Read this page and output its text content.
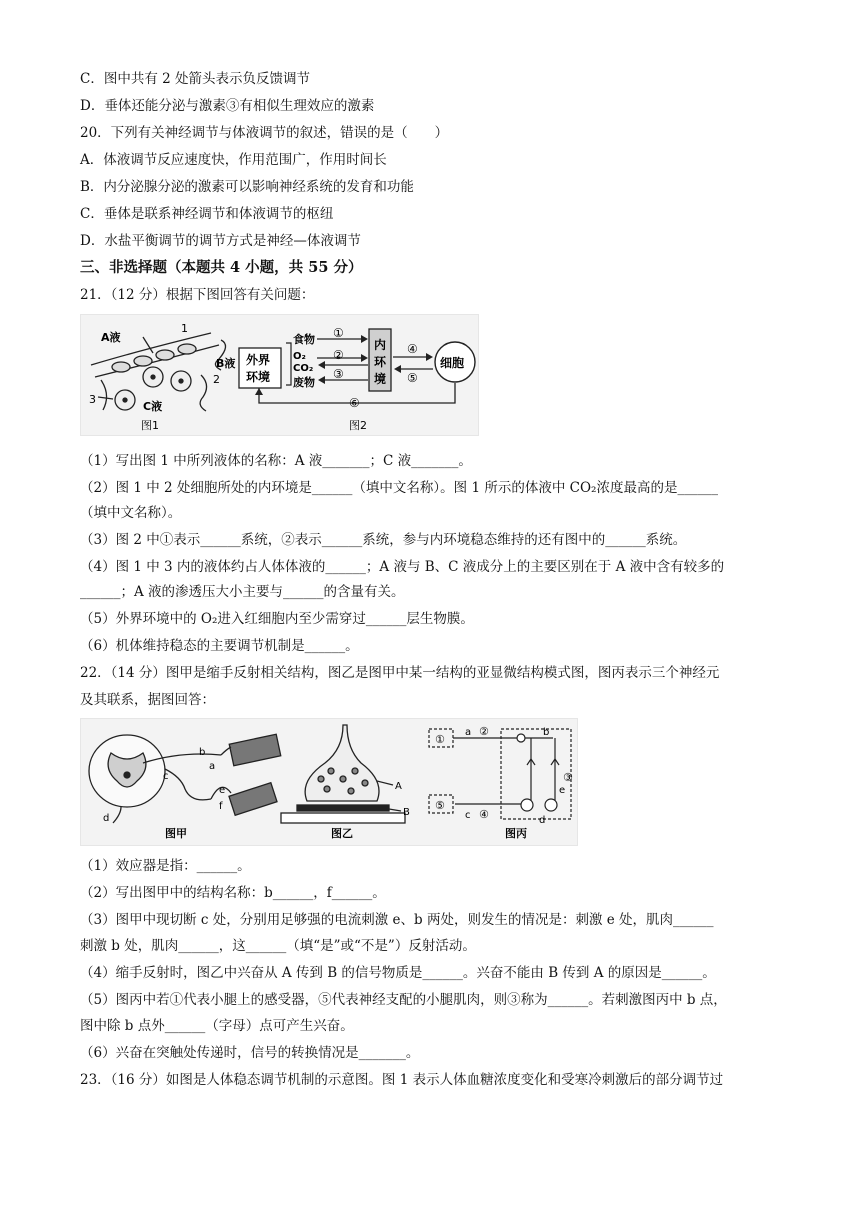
C．图中共有 2 处箭头表示负反馈调节
D．垂体还能分泌与激素③有相似生理效应的激素
20．下列有关神经调节与体液调节的叙述，错误的是（　　）
A．体液调节反应速度快，作用范围广，作用时间长
B．内分泌腺分泌的激素可以影响神经系统的发育和功能
C．垂体是联系神经调节和体液调节的枢纽
D．水盐平衡调节的调节方式是神经—体液调节
三、非选择题（本题共 4 小题，共 55 分）
21．（12 分）根据下图回答有关问题：
A液
1
B液
2
3
C液
图1
外界
环境
食物
O₂
CO₂
废物
①
②
③
内
环
境
④
⑤
细胞
⑥
图2
（1）写出图 1 中所列液体的名称：A 液_______；C 液_______。
（2）图 1 中 2 处细胞所处的内环境是______（填中文名称）。图 1 所示的体液中 CO₂浓度最高的是______
（填中文名称）。
（3）图 2 中①表示______系统，②表示______系统，参与内环境稳态维持的还有图中的______系统。
（4）图 1 中 3 内的液体约占人体体液的______；A 液与 B、C 液成分上的主要区别在于 A 液中含有较多的
______；A 液的渗透压大小主要与______的含量有关。
（5）外界环境中的 O₂进入红细胞内至少需穿过______层生物膜。
（6）机体维持稳态的主要调节机制是______。
22．（14 分）图甲是缩手反射相关结构，图乙是图甲中某一结构的亚显微结构模式图，图丙表示三个神经元
及其联系，据图回答：
a
b
c
d
e
f
图甲
A
B
图乙
①
⑤
a ②	b
c ④	d
e
③
图丙
（1）效应器是指：______。
（2）写出图甲中的结构名称：b______，f______。
（3）图甲中现切断 c 处，分别用足够强的电流刺激 e、b 两处，则发生的情况是：刺激 e 处，肌肉______
刺激 b 处，肌肉______，这______（填“是”或“不是”）反射活动。
（4）缩手反射时，图乙中兴奋从 A 传到 B 的信号物质是______。兴奋不能由 B 传到 A 的原因是______。
（5）图丙中若①代表小腿上的感受器，⑤代表神经支配的小腿肌肉，则③称为______。若刺激图丙中 b 点，
图中除 b 点外______（字母）点可产生兴奋。
（6）兴奋在突触处传递时，信号的转换情况是_______。
23．（16 分）如图是人体稳态调节机制的示意图。图 1 表示人体血糖浓度变化和受寒冷刺激后的部分调节过
